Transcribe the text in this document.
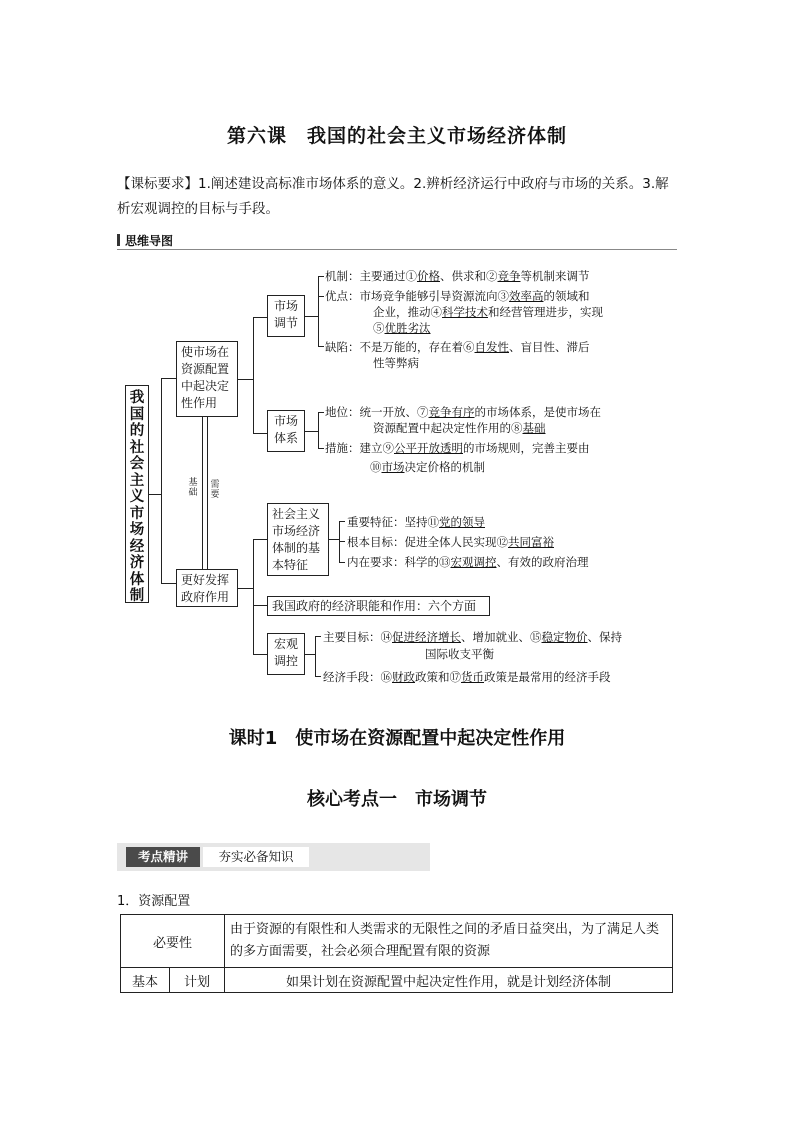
第六课　我国的社会主义市场经济体制
【课标要求】1.阐述建设高标准市场体系的意义。2.辨析经济运行中政府与市场的关系。3.解析宏观调控的目标与手段。
思维导图
我国的社会主义市场经济体制
使市场在资源配置中起决定性作用
更好发挥政府作用
基础
需要
市场调节
市场体系
机制：主要通过①价格、供求和②竞争等机制来调节
优点：市场竞争能够引导资源流向③效率高的领域和
企业，推动④科学技术和经营管理进步，实现
⑤优胜劣汰
缺陷：不是万能的，存在着⑥自发性、盲目性、滞后
性等弊病
地位：统一开放、⑦竞争有序的市场体系，是使市场在
资源配置中起决定性作用的⑧基础
措施：建立⑨公平开放透明的市场规则，完善主要由
⑩市场决定价格的机制
社会主义市场经济体制的基本特征
重要特征：坚持⑪党的领导
根本目标：促进全体人民实现⑫共同富裕
内在要求：科学的⑬宏观调控、有效的政府治理
我国政府的经济职能和作用：六个方面
宏观调控
主要目标：⑭促进经济增长、增加就业、⑮稳定物价、保持
国际收支平衡
经济手段：⑯财政政策和⑰货币政策是最常用的经济手段
课时1　使市场在资源配置中起决定性作用
核心考点一　市场调节
考点精讲	夯实必备知识
1．资源配置
必要性		由于资源的有限性和人类需求的无限性之间的矛盾日益突出，为了满足人类的多方面需要，社会必须合理配置有限的资源
基本	计划	如果计划在资源配置中起决定性作用，就是计划经济体制
